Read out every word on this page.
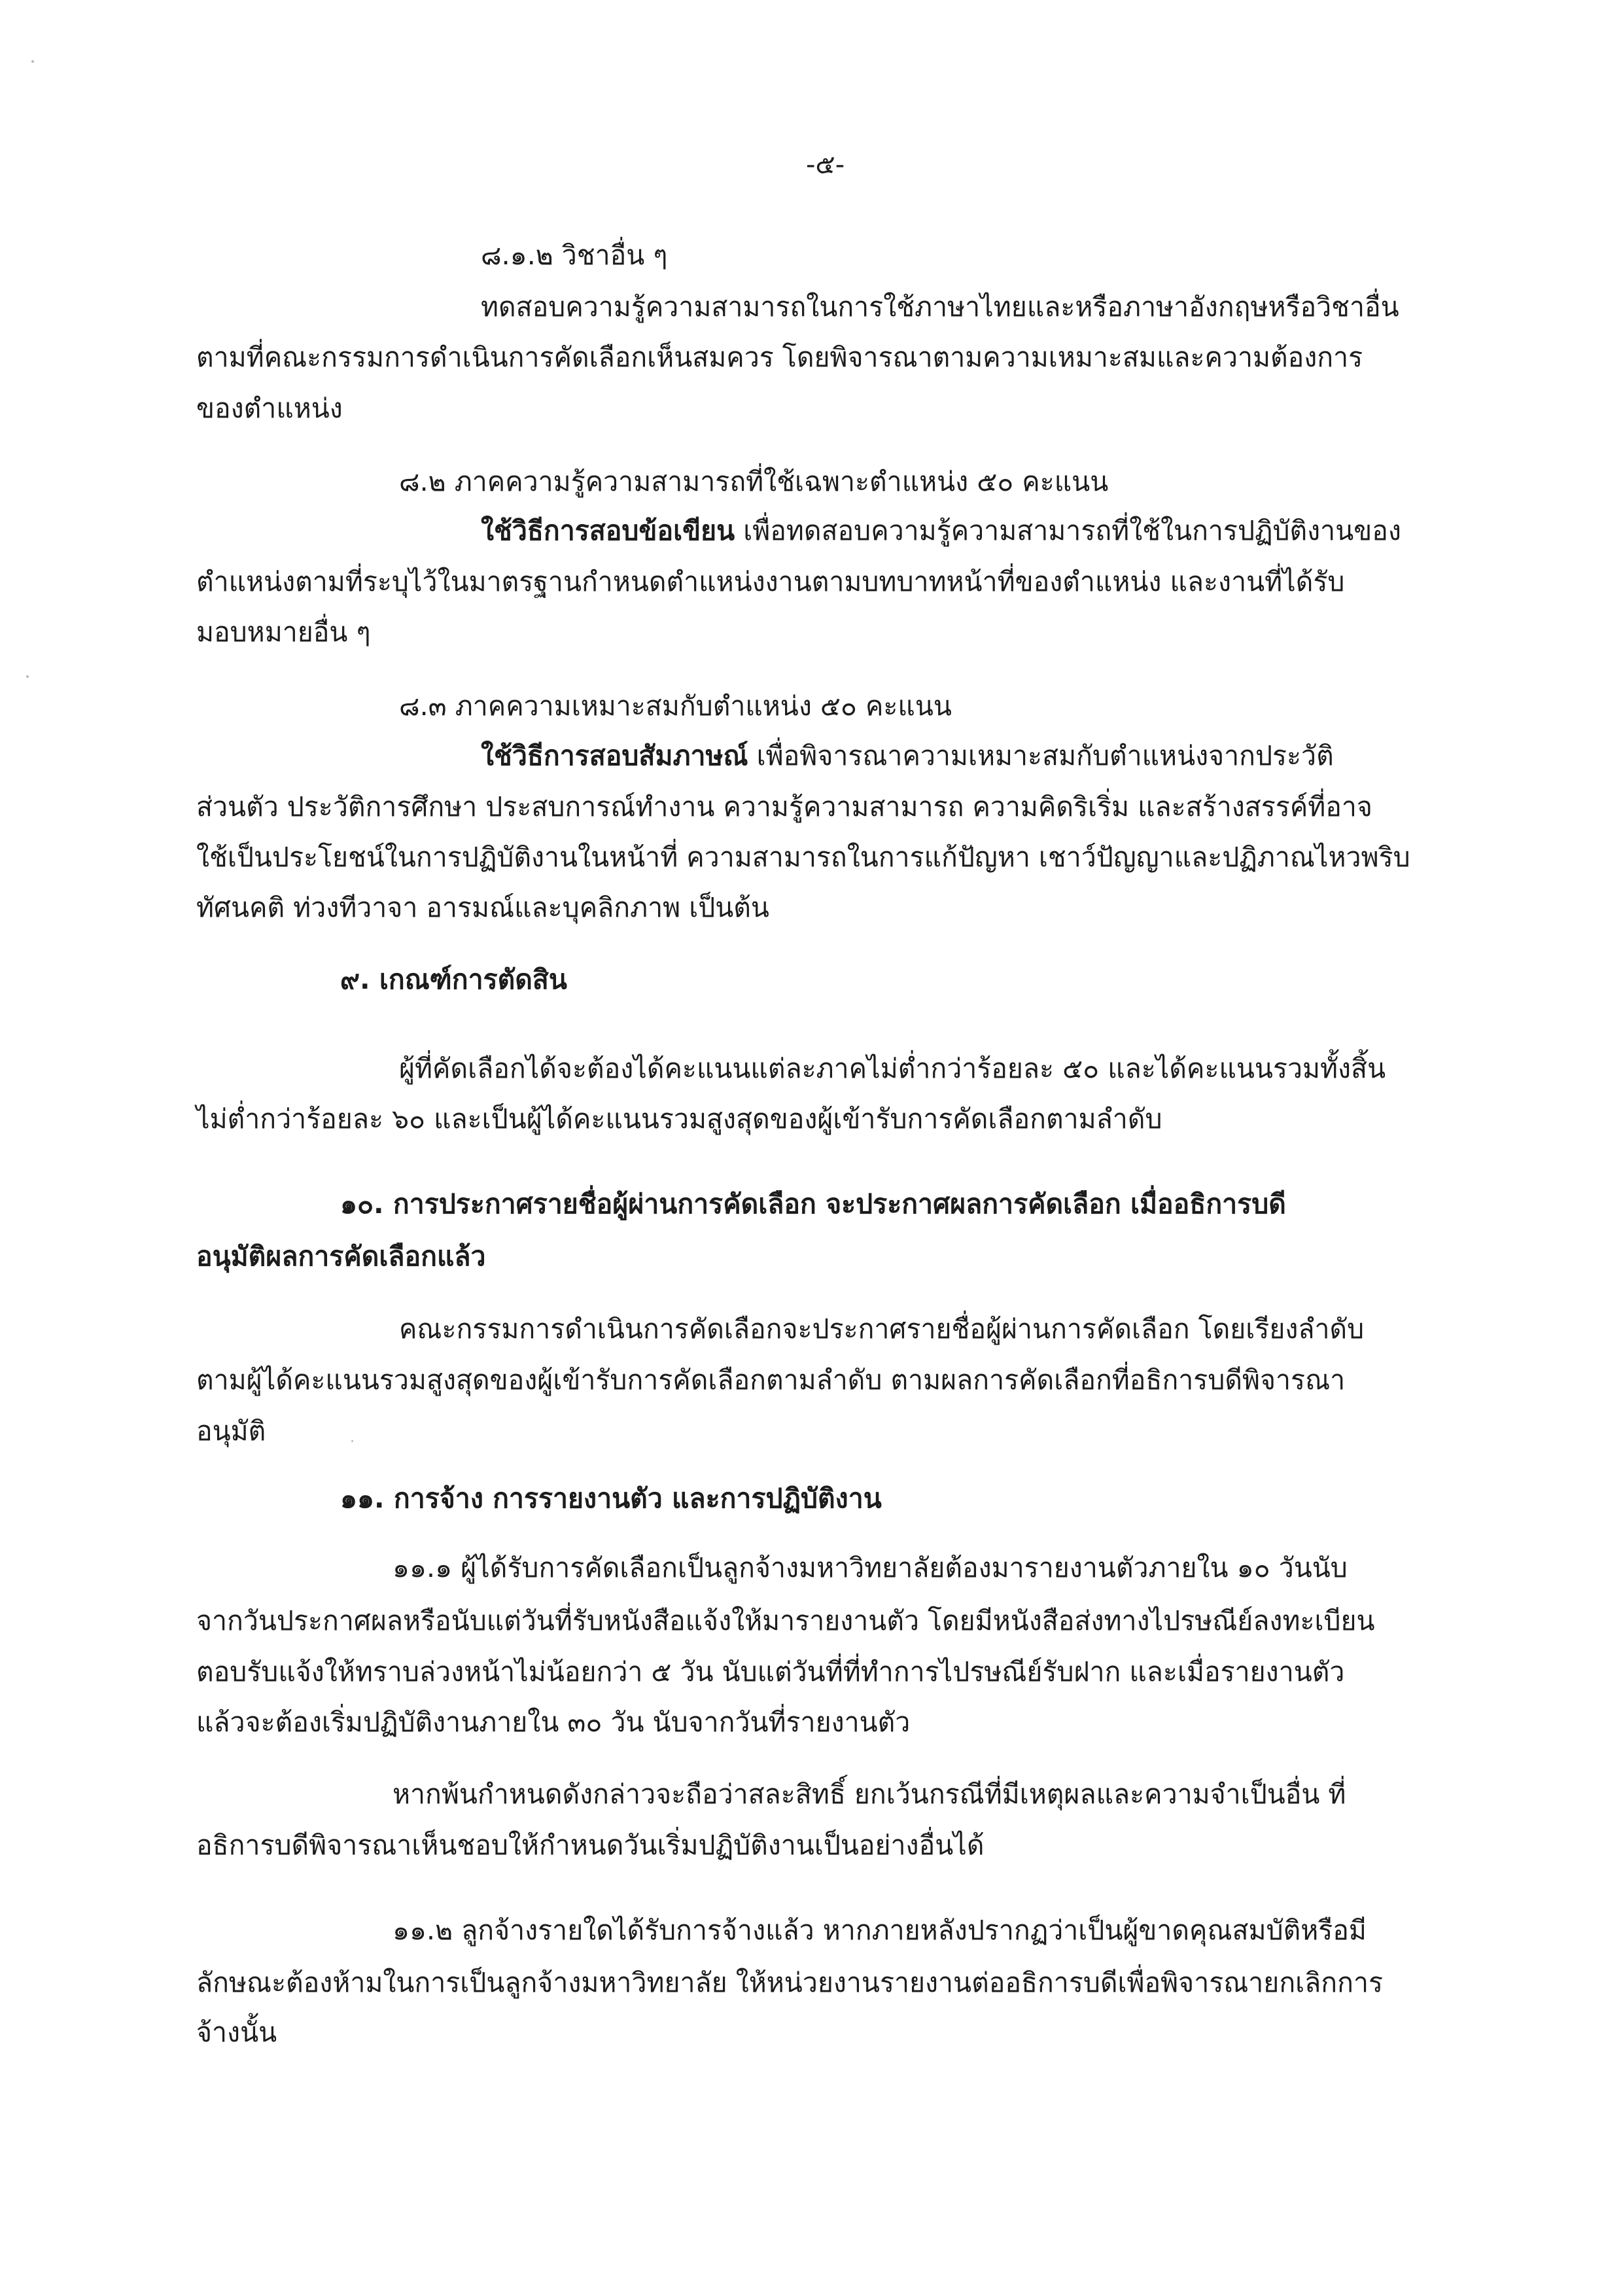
-๕-

๘.๑.๒ วิชาอื่น ๆ

ทดสอบความรู้ความสามารถในการใช้ภาษาไทยและหรือภาษาอังกฤษหรือวิชาอื่น

ตามที่คณะกรรมการดำเนินการคัดเลือกเห็นสมควร โดยพิจารณาตามความเหมาะสมและความต้องการ

ของตำแหน่ง

๘.๒ ภาคความรู้ความสามารถที่ใช้เฉพาะตำแหน่ง ๕๐ คะแนน

ใช้วิธีการสอบข้อเขียน เพื่อทดสอบความรู้ความสามารถที่ใช้ในการปฏิบัติงานของ

ตำแหน่งตามที่ระบุไว้ในมาตรฐานกำหนดตำแหน่งงานตามบทบาทหน้าที่ของตำแหน่ง และงานที่ได้รับ

มอบหมายอื่น ๆ

๘.๓ ภาคความเหมาะสมกับตำแหน่ง ๕๐ คะแนน

ใช้วิธีการสอบสัมภาษณ์ เพื่อพิจารณาความเหมาะสมกับตำแหน่งจากประวัติ

ส่วนตัว ประวัติการศึกษา ประสบการณ์ทำงาน ความรู้ความสามารถ ความคิดริเริ่ม และสร้างสรรค์ที่อาจ

ใช้เป็นประโยชน์ในการปฏิบัติงานในหน้าที่ ความสามารถในการแก้ปัญหา เชาว์ปัญญาและปฏิภาณไหวพริบ

ทัศนคติ ท่วงทีวาจา อารมณ์และบุคลิกภาพ เป็นต้น

๙. เกณฑ์การตัดสิน

ผู้ที่คัดเลือกได้จะต้องได้คะแนนแต่ละภาคไม่ต่ำกว่าร้อยละ ๕๐ และได้คะแนนรวมทั้งสิ้น

ไม่ต่ำกว่าร้อยละ ๖๐ และเป็นผู้ได้คะแนนรวมสูงสุดของผู้เข้ารับการคัดเลือกตามลำดับ

๑๐. การประกาศรายชื่อผู้ผ่านการคัดเลือก จะประกาศผลการคัดเลือก เมื่ออธิการบดี

อนุมัติผลการคัดเลือกแล้ว

คณะกรรมการดำเนินการคัดเลือกจะประกาศรายชื่อผู้ผ่านการคัดเลือก โดยเรียงลำดับ

ตามผู้ได้คะแนนรวมสูงสุดของผู้เข้ารับการคัดเลือกตามลำดับ ตามผลการคัดเลือกที่อธิการบดีพิจารณา

อนุมัติ

๑๑. การจ้าง การรายงานตัว และการปฏิบัติงาน

๑๑.๑ ผู้ได้รับการคัดเลือกเป็นลูกจ้างมหาวิทยาลัยต้องมารายงานตัวภายใน ๑๐ วันนับ

จากวันประกาศผลหรือนับแต่วันที่รับหนังสือแจ้งให้มารายงานตัว โดยมีหนังสือส่งทางไปรษณีย์ลงทะเบียน

ตอบรับแจ้งให้ทราบล่วงหน้าไม่น้อยกว่า ๕ วัน นับแต่วันที่ที่ทำการไปรษณีย์รับฝาก และเมื่อรายงานตัว

แล้วจะต้องเริ่มปฏิบัติงานภายใน ๓๐ วัน นับจากวันที่รายงานตัว

หากพ้นกำหนดดังกล่าวจะถือว่าสละสิทธิ์ ยกเว้นกรณีที่มีเหตุผลและความจำเป็นอื่น ที่

อธิการบดีพิจารณาเห็นชอบให้กำหนดวันเริ่มปฏิบัติงานเป็นอย่างอื่นได้

๑๑.๒ ลูกจ้างรายใดได้รับการจ้างแล้ว หากภายหลังปรากฏว่าเป็นผู้ขาดคุณสมบัติหรือมี

ลักษณะต้องห้ามในการเป็นลูกจ้างมหาวิทยาลัย ให้หน่วยงานรายงานต่ออธิการบดีเพื่อพิจารณายกเลิกการ

จ้างนั้น
